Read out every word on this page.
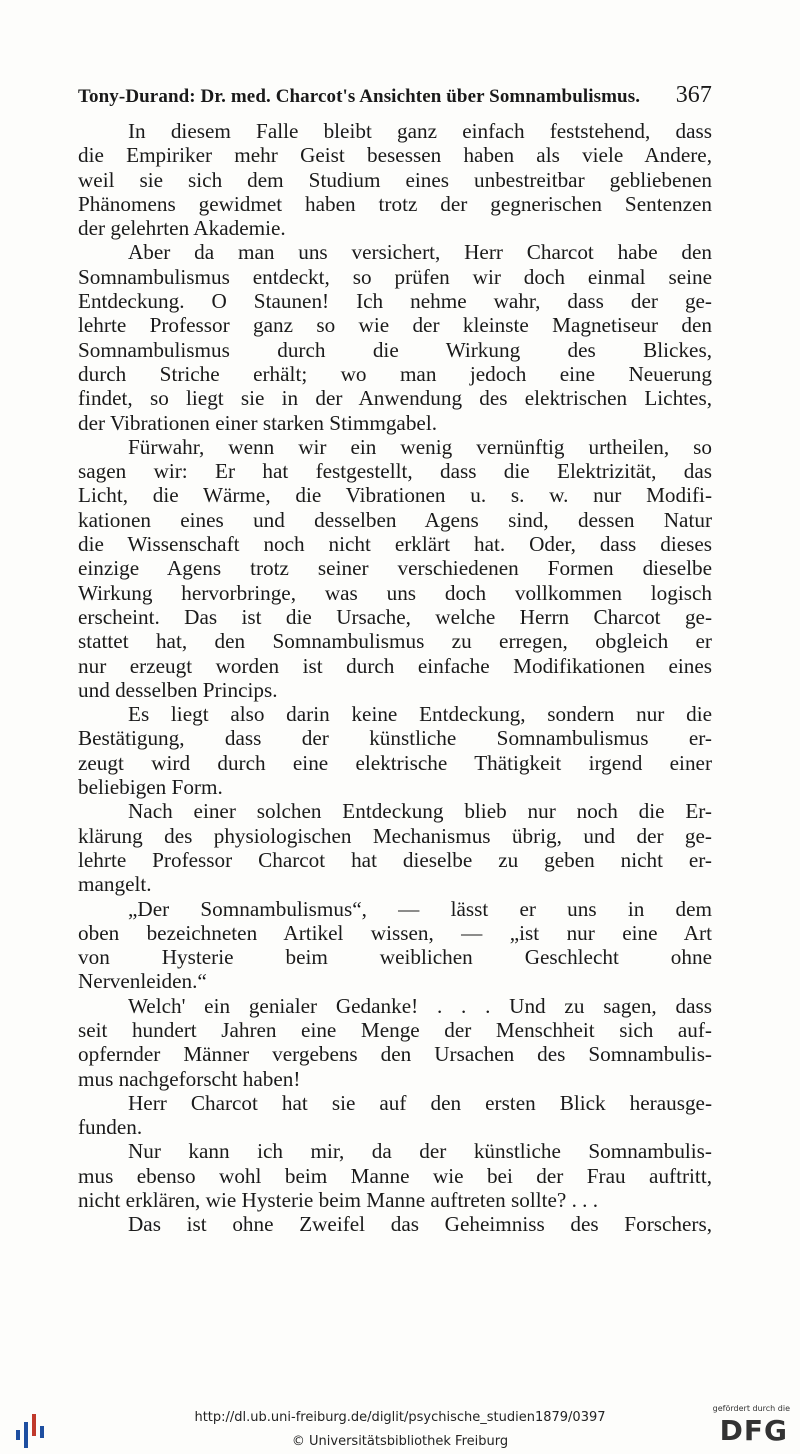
Tony-Durand: Dr. med. Charcot's Ansichten über Somnambulismus. 367
In diesem Falle bleibt ganz einfach feststehend, dass
die Empiriker mehr Geist besessen haben als viele Andere,
weil sie sich dem Studium eines unbestreitbar gebliebenen
Phänomens gewidmet haben trotz der gegnerischen Sentenzen
der gelehrten Akademie.
Aber da man uns versichert, Herr Charcot habe den
Somnambulismus entdeckt, so prüfen wir doch einmal seine
Entdeckung. O Staunen! Ich nehme wahr, dass der ge-
lehrte Professor ganz so wie der kleinste Magnetiseur den
Somnambulismus durch die Wirkung des Blickes,
durch Striche erhält; wo man jedoch eine Neuerung
findet, so liegt sie in der Anwendung des elektrischen Lichtes,
der Vibrationen einer starken Stimmgabel.
Fürwahr, wenn wir ein wenig vernünftig urtheilen, so
sagen wir: Er hat festgestellt, dass die Elektrizität, das
Licht, die Wärme, die Vibrationen u. s. w. nur Modifi-
kationen eines und desselben Agens sind, dessen Natur
die Wissenschaft noch nicht erklärt hat. Oder, dass dieses
einzige Agens trotz seiner verschiedenen Formen dieselbe
Wirkung hervorbringe, was uns doch vollkommen logisch
erscheint. Das ist die Ursache, welche Herrn Charcot ge-
stattet hat, den Somnambulismus zu erregen, obgleich er
nur erzeugt worden ist durch einfache Modifikationen eines
und desselben Princips.
Es liegt also darin keine Entdeckung, sondern nur die
Bestätigung, dass der künstliche Somnambulismus er-
zeugt wird durch eine elektrische Thätigkeit irgend einer
beliebigen Form.
Nach einer solchen Entdeckung blieb nur noch die Er-
klärung des physiologischen Mechanismus übrig, und der ge-
lehrte Professor Charcot hat dieselbe zu geben nicht er-
mangelt.
„Der Somnambulismus“, — lässt er uns in dem
oben bezeichneten Artikel wissen, — „ist nur eine Art
von Hysterie beim weiblichen Geschlecht ohne
Nervenleiden.“
Welch' ein genialer Gedanke! . . . Und zu sagen, dass
seit hundert Jahren eine Menge der Menschheit sich auf-
opfernder Männer vergebens den Ursachen des Somnambulis-
mus nachgeforscht haben!
Herr Charcot hat sie auf den ersten Blick herausge-
funden.
Nur kann ich mir, da der künstliche Somnambulis-
mus ebenso wohl beim Manne wie bei der Frau auftritt,
nicht erklären, wie Hysterie beim Manne auftreten sollte? . . .
Das ist ohne Zweifel das Geheimniss des Forschers,
http://dl.ub.uni-freiburg.de/diglit/psychische_studien1879/0397
© Universitätsbibliothek Freiburg
gefördert durch die
DFG
